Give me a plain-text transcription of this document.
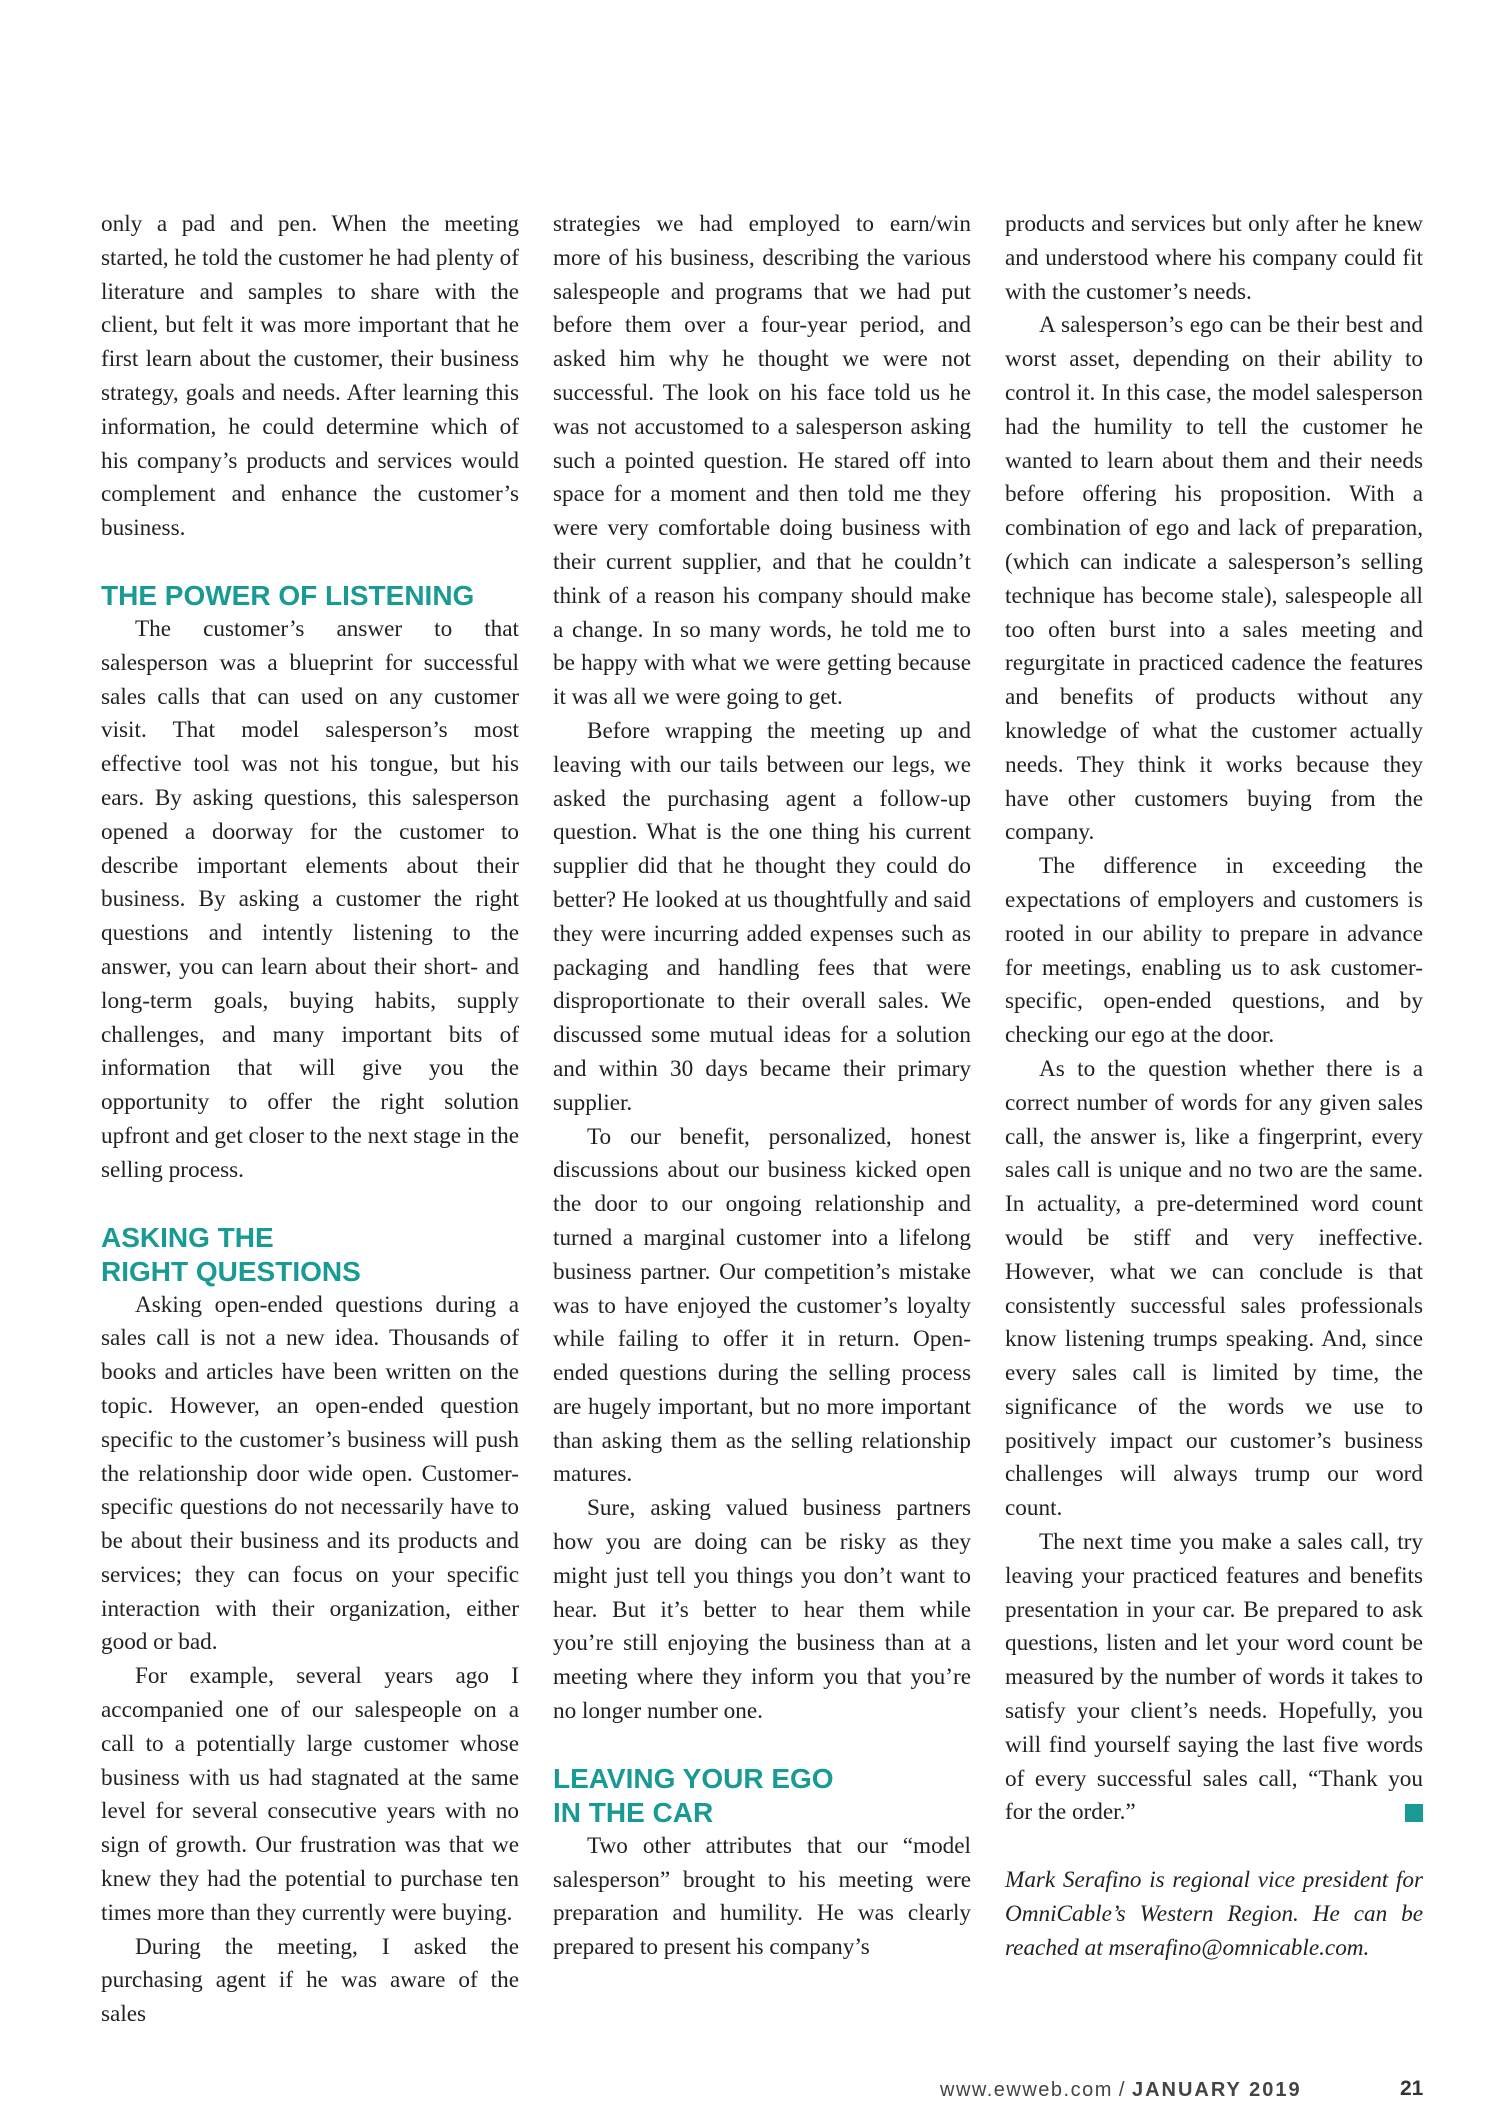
only a pad and pen. When the meeting started, he told the customer he had plenty of literature and samples to share with the client, but felt it was more important that he first learn about the customer, their business strategy, goals and needs. After learning this information, he could determine which of his company’s products and services would complement and enhance the customer’s business.

THE POWER OF LISTENING

The customer’s answer to that salesperson was a blueprint for successful sales calls that can used on any customer visit. That model salesperson’s most effective tool was not his tongue, but his ears. By asking questions, this salesperson opened a doorway for the customer to describe important elements about their business. By asking a customer the right questions and intently listening to the answer, you can learn about their short- and long-term goals, buying habits, supply challenges, and many important bits of information that will give you the opportunity to offer the right solution upfront and get closer to the next stage in the selling process.

ASKING THE
RIGHT QUESTIONS

Asking open-ended questions during a sales call is not a new idea. Thousands of books and articles have been written on the topic. However, an open-ended question specific to the customer’s business will push the relationship door wide open. Customer-specific questions do not necessarily have to be about their business and its products and services; they can focus on your specific interaction with their organization, either good or bad.

For example, several years ago I accompanied one of our salespeople on a call to a potentially large customer whose business with us had stagnated at the same level for several consecutive years with no sign of growth. Our frustration was that we knew they had the potential to purchase ten times more than they currently were buying.

During the meeting, I asked the purchasing agent if he was aware of the sales

strategies we had employed to earn/win more of his business, describing the various salespeople and programs that we had put before them over a four-year period, and asked him why he thought we were not successful. The look on his face told us he was not accustomed to a salesperson asking such a pointed question. He stared off into space for a moment and then told me they were very comfortable doing business with their current supplier, and that he couldn’t think of a reason his company should make a change. In so many words, he told me to be happy with what we were getting because it was all we were going to get.

Before wrapping the meeting up and leaving with our tails between our legs, we asked the purchasing agent a follow-up question. What is the one thing his current supplier did that he thought they could do better? He looked at us thoughtfully and said they were incurring added expenses such as packaging and handling fees that were disproportionate to their overall sales. We discussed some mutual ideas for a solution and within 30 days became their primary supplier.

To our benefit, personalized, honest discussions about our business kicked open the door to our ongoing relationship and turned a marginal customer into a lifelong business partner. Our competition’s mistake was to have enjoyed the customer’s loyalty while failing to offer it in return. Open-ended questions during the selling process are hugely important, but no more important than asking them as the selling relationship matures.

Sure, asking valued business partners how you are doing can be risky as they might just tell you things you don’t want to hear. But it’s better to hear them while you’re still enjoying the business than at a meeting where they inform you that you’re no longer number one.

LEAVING YOUR EGO
IN THE CAR

Two other attributes that our “model salesperson” brought to his meeting were preparation and humility. He was clearly prepared to present his company’s

products and services but only after he knew and understood where his company could fit with the customer’s needs.

A salesperson’s ego can be their best and worst asset, depending on their ability to control it. In this case, the model salesperson had the humility to tell the customer he wanted to learn about them and their needs before offering his proposition. With a combination of ego and lack of preparation, (which can indicate a salesperson’s selling technique has become stale), salespeople all too often burst into a sales meeting and regurgitate in practiced cadence the features and benefits of products without any knowledge of what the customer actually needs. They think it works because they have other customers buying from the company.

The difference in exceeding the expectations of employers and customers is rooted in our ability to prepare in advance for meetings, enabling us to ask customer-specific, open-ended questions, and by checking our ego at the door.

As to the question whether there is a correct number of words for any given sales call, the answer is, like a fingerprint, every sales call is unique and no two are the same. In actuality, a pre-determined word count would be stiff and very ineffective. However, what we can conclude is that consistently successful sales professionals know listening trumps speaking. And, since every sales call is limited by time, the significance of the words we use to positively impact our customer’s business challenges will always trump our word count.

The next time you make a sales call, try leaving your practiced features and benefits presentation in your car. Be prepared to ask questions, listen and let your word count be measured by the number of words it takes to satisfy your client’s needs. Hopefully, you will find yourself saying the last five words of every successful sales call, “Thank you for the order.”

Mark Serafino is regional vice president for OmniCable’s Western Region. He can be reached at mserafino@omnicable.com.

www.ewweb.com / JANUARY 2019	21
